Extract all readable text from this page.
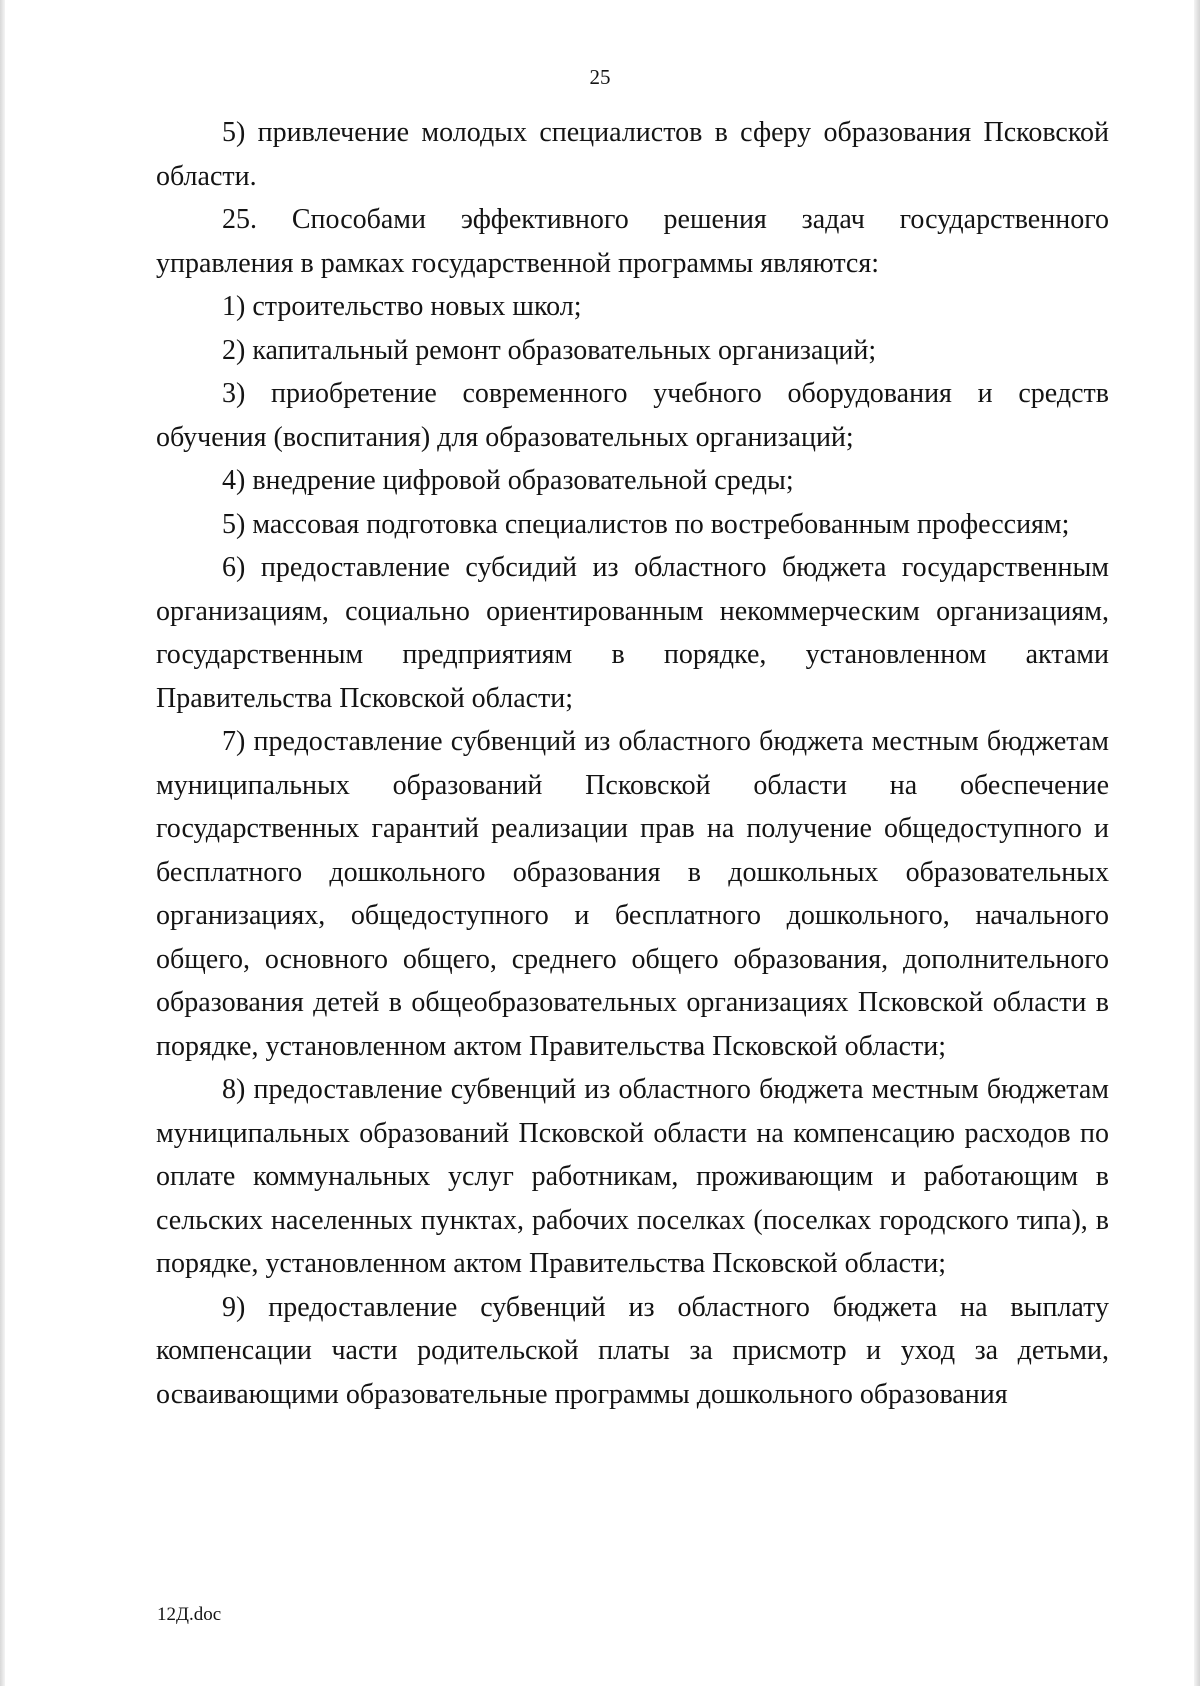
25

5) привлечение молодых специалистов в сферу образования Псковской области.

25. Способами эффективного решения задач государственного управления в рамках государственной программы являются:

1) строительство новых школ;

2) капитальный ремонт образовательных организаций;

3) приобретение современного учебного оборудования и средств обучения (воспитания) для образовательных организаций;

4) внедрение цифровой образовательной среды;

5) массовая подготовка специалистов по востребованным профессиям;

6) предоставление субсидий из областного бюджета государственным организациям, социально ориентированным некоммерческим организациям, государственным предприятиям в порядке, установленном актами Правительства Псковской области;

7) предоставление субвенций из областного бюджета местным бюджетам муниципальных образований Псковской области на обеспечение государственных гарантий реализации прав на получение общедоступного и бесплатного дошкольного образования в дошкольных образовательных организациях, общедоступного и бесплатного дошкольного, начального общего, основного общего, среднего общего образования, дополнительного образования детей в общеобразовательных организациях Псковской области в порядке, установленном актом Правительства Псковской области;

8) предоставление субвенций из областного бюджета местным бюджетам муниципальных образований Псковской области на компенсацию расходов по оплате коммунальных услуг работникам, проживающим и работающим в сельских населенных пунктах, рабочих поселках (поселках городского типа), в порядке, установленном актом Правительства Псковской области;

9) предоставление субвенций из областного бюджета на выплату компенсации части родительской платы за присмотр и уход за детьми, осваивающими образовательные программы дошкольного образования

12Д.doc
